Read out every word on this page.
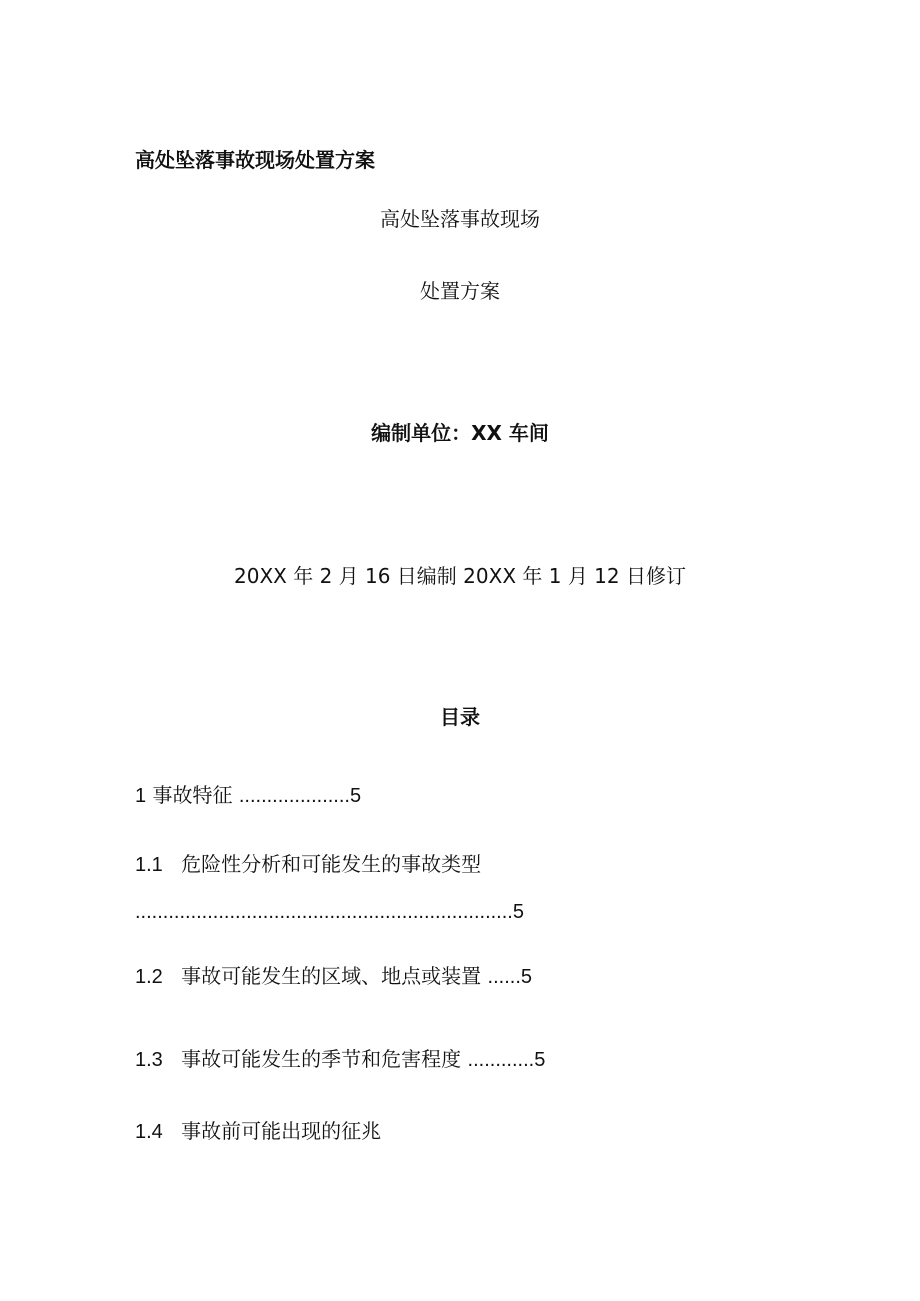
高处坠落事故现场处置方案
高处坠落事故现场
处置方案
编制单位：XX 车间
20XX 年 2 月 16 日编制 20XX 年 1 月 12 日修订
目录
1 事故特征 ....................5
1.1 危险性分析和可能发生的事故类型
....................................................................5
1.2 事故可能发生的区域、地点或装置 ......5
1.3 事故可能发生的季节和危害程度 ............5
1.4 事故前可能出现的征兆
